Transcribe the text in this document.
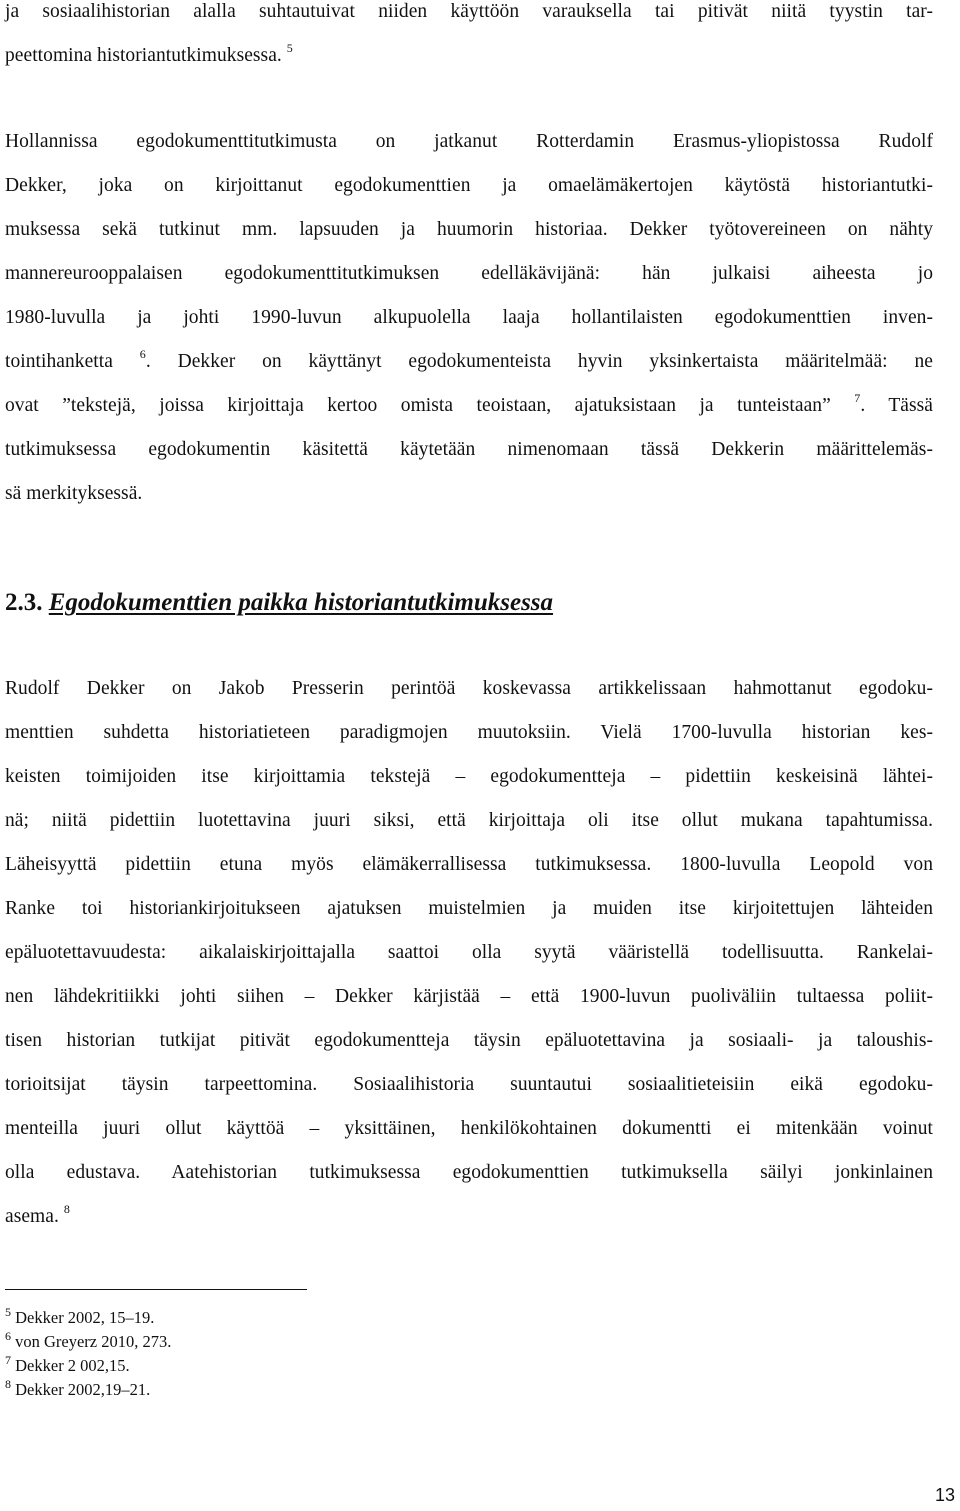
ja sosiaalihistorian alalla suhtautuivat niiden käyttöön varauksella tai pitivät niitä tyystin tar-
peettomina historiantutkimuksessa. $^5$
Hollannissa egodokumenttitutkimusta on jatkanut Rotterdamin Erasmus-yliopistossa Rudolf
Dekker, joka on kirjoittanut egodokumenttien ja omaelämäkertojen käytöstä historiantutki-
muksessa sekä tutkinut mm. lapsuuden ja huumorin historiaa. Dekker työtovereineen on nähty
mannereurooppalaisen egodokumenttitutkimuksen edelläkävijänä: hän julkaisi aiheesta jo
1980-luvulla ja johti 1990-luvun alkupuolella laaja hollantilaisten egodokumenttien inven-
tointihanketta $^6$. Dekker on käyttänyt egodokumenteista hyvin yksinkertaista määritelmää: ne
ovat ”tekstejä, joissa kirjoittaja kertoo omista teoistaan, ajatuksistaan ja tunteistaan” $^7$. Tässä
tutkimuksessa egodokumentin käsitettä käytetään nimenomaan tässä Dekkerin määrittelemäs-
sä merkityksessä.
2.3. Egodokumenttien paikka historiantutkimuksessa
Rudolf Dekker on Jakob Presserin perintöä koskevassa artikkelissaan hahmottanut egodoku-
menttien suhdetta historiatieteen paradigmojen muutoksiin. Vielä 1700-luvulla historian kes-
keisten toimijoiden itse kirjoittamia tekstejä – egodokumentteja – pidettiin keskeisinä lähtei-
nä; niitä pidettiin luotettavina juuri siksi, että kirjoittaja oli itse ollut mukana tapahtumissa.
Läheisyyttä pidettiin etuna myös elämäkerrallisessa tutkimuksessa. 1800-luvulla Leopold von
Ranke toi historiankirjoitukseen ajatuksen muistelmien ja muiden itse kirjoitettujen lähteiden
epäluotettavuudesta: aikalaiskirjoittajalla saattoi olla syytä vääristellä todellisuutta. Rankelai-
nen lähdekritiikki johti siihen – Dekker kärjistää – että 1900-luvun puoliväliin tultaessa poliit-
tisen historian tutkijat pitivät egodokumentteja täysin epäluotettavina ja sosiaali- ja taloushis-
torioitsijat täysin tarpeettomina. Sosiaalihistoria suuntautui sosiaalitieteisiin eikä egodoku-
menteilla juuri ollut käyttöä – yksittäinen, henkilökohtainen dokumentti ei mitenkään voinut
olla edustava. Aatehistorian tutkimuksessa egodokumenttien tutkimuksella säilyi jonkinlainen
asema. $^8$
$^5$ Dekker 2002, 15–19.
$^6$ von Greyerz 2010, 273.
$^7$ Dekker 2 002,15.
$^8$ Dekker 2002,19–21.
13
